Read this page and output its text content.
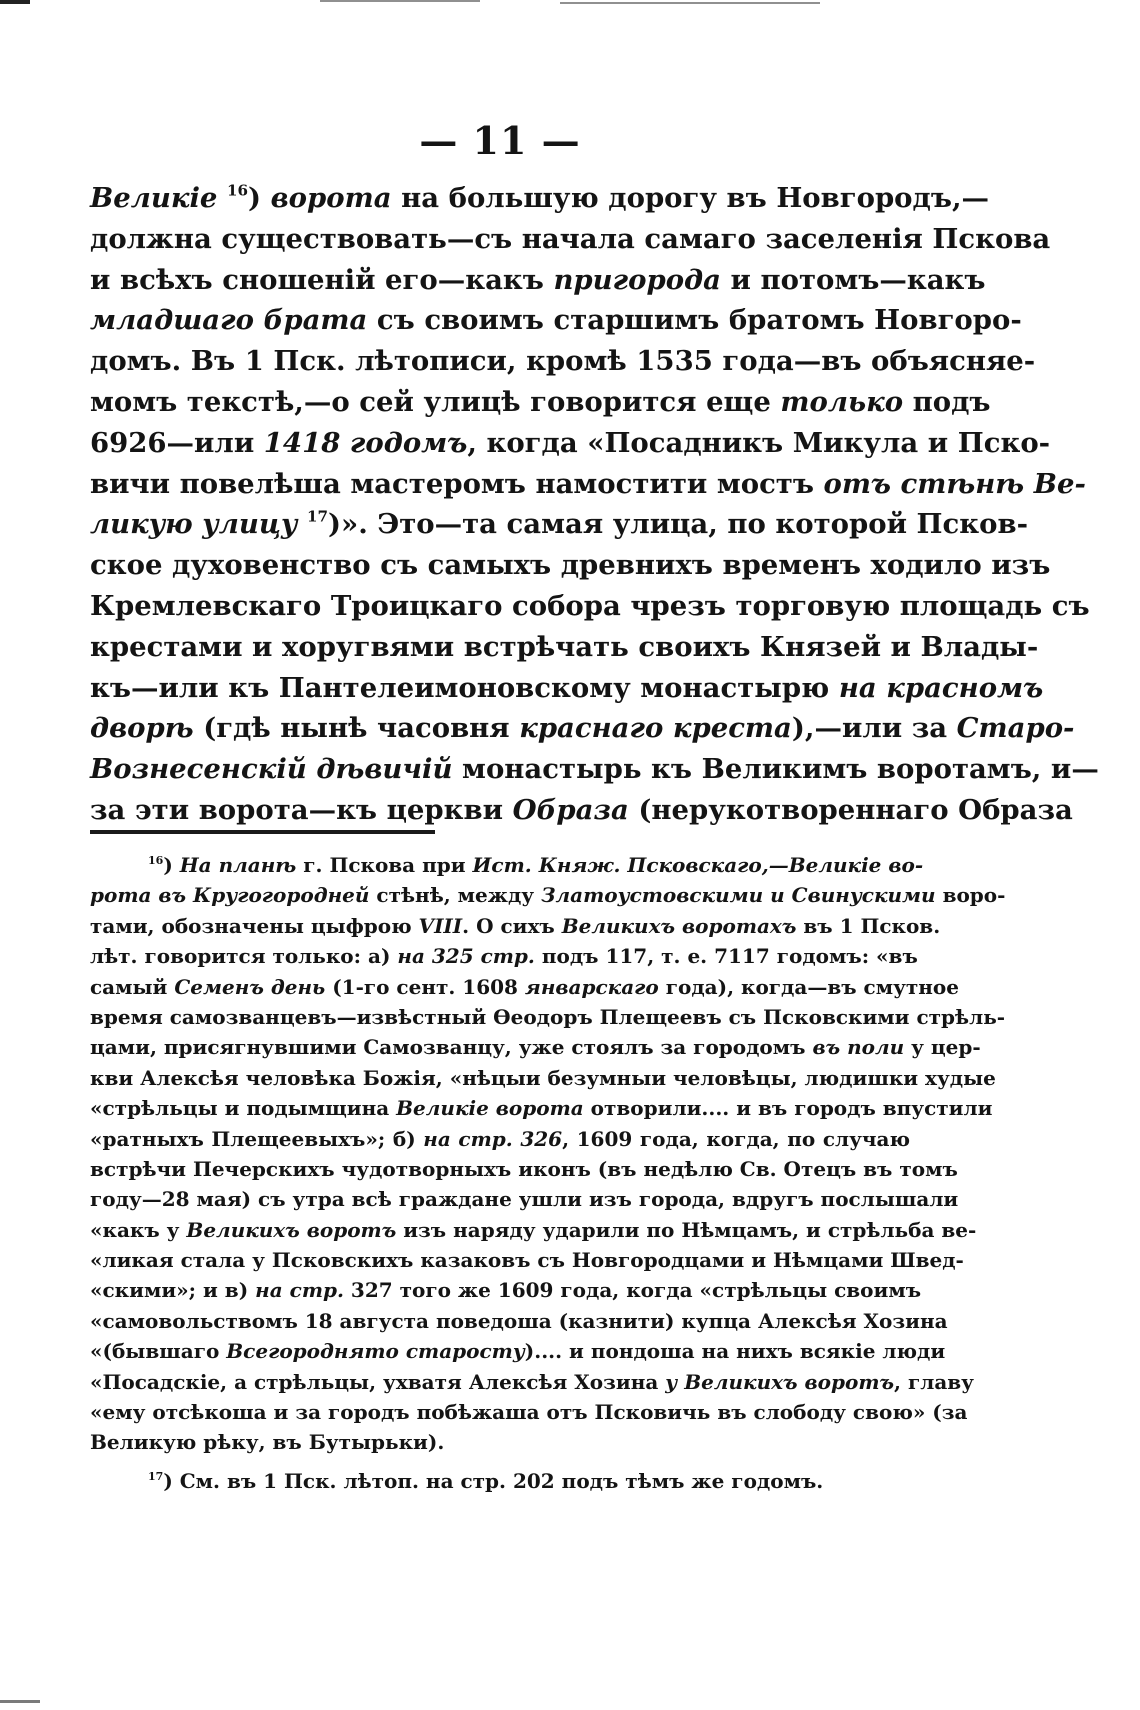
— 11 —
Великіе $^{16}$) ворота на большую дорогу въ Новгородъ,—
должна существовать—съ начала самаго заселенія Пскова
и всѣхъ сношеній его—какъ пригорода и потомъ—какъ
младшаго брата съ своимъ старшимъ братомъ Новгоро-
домъ. Въ 1 Пск. лѣтописи, кромѣ 1535 года—въ объясняе-
момъ текстѣ,—о сей улицѣ говорится еще только подъ
6926—или 1418 годомъ, когда «Посадникъ Микула и Пско-
вичи повелѣша мастеромъ намостити мостъ отъ стѣнѣ Ве-
ликую улицу $^{17}$)». Это—та самая улица, по которой Псков-
ское духовенство съ самыхъ древнихъ временъ ходило изъ
Кремлевскаго Троицкаго собора чрезъ торговую площадь съ
крестами и хоругвями встрѣчать своихъ Князей и Влады-
къ—или къ Пантелеимоновскому монастырю на красномъ
дворѣ (гдѣ нынѣ часовня краснаго креста),—или за Старо-
Вознесенскій дѣвичій монастырь къ Великимъ воротамъ, и—
за эти ворота—къ церкви Образа (нерукотвореннаго Образа
$^{16}$) На планѣ г. Пскова при Ист. Княж. Псковскаго,—Великіе во-
рота въ Кругогородней стѣнѣ, между Златоустовскими и Свинускими воро-
тами, обозначены цыфрою VIII. О сихъ Великихъ воротахъ въ 1 Псков.
лѣт. говорится только: а) на 325 стр. подъ 117, т. е. 7117 годомъ: «въ
самый Семенъ день (1-го сент. 1608 январскаго года), когда—въ смутное
время самозванцевъ—извѣстный Ѳеодоръ Плещеевъ съ Псковскими стрѣль-
цами, присягнувшими Самозванцу, уже стоялъ за городомъ въ поли у цер-
кви Алексѣя человѣка Божія, «нѣцыи безумныи человѣцы, людишки худые
«стрѣльцы и подымщина Великіе ворота отворили.... и въ городъ впустили
«ратныхъ Плещеевыхъ»; б) на стр. 326, 1609 года, когда, по случаю
встрѣчи Печерскихъ чудотворныхъ иконъ (въ недѣлю Св. Отецъ въ томъ
году—28 мая) съ утра всѣ граждане ушли изъ города, вдругъ послышали
«какъ у Великихъ воротъ изъ наряду ударили по Нѣмцамъ, и стрѣльба ве-
«ликая стала у Псковскихъ казаковъ съ Новгородцами и Нѣмцами Швед-
«скими»; и в) на стр. 327 того же 1609 года, когда «стрѣльцы своимъ
«самовольствомъ 18 августа поведоша (казнити) купца Алексѣя Хозина
«(бывшаго Всегороднято старосту).... и пондоша на нихъ всякіе люди
«Посадскіе, а стрѣльцы, ухватя Алексѣя Хозина у Великихъ воротъ, главу
«ему отсѣкоша и за городъ побѣжаша отъ Псковичь въ слободу свою» (за
Великую рѣку, въ Бутырьки).
$^{17}$) См. въ 1 Пск. лѣтоп. на стр. 202 подъ тѣмъ же годомъ.
